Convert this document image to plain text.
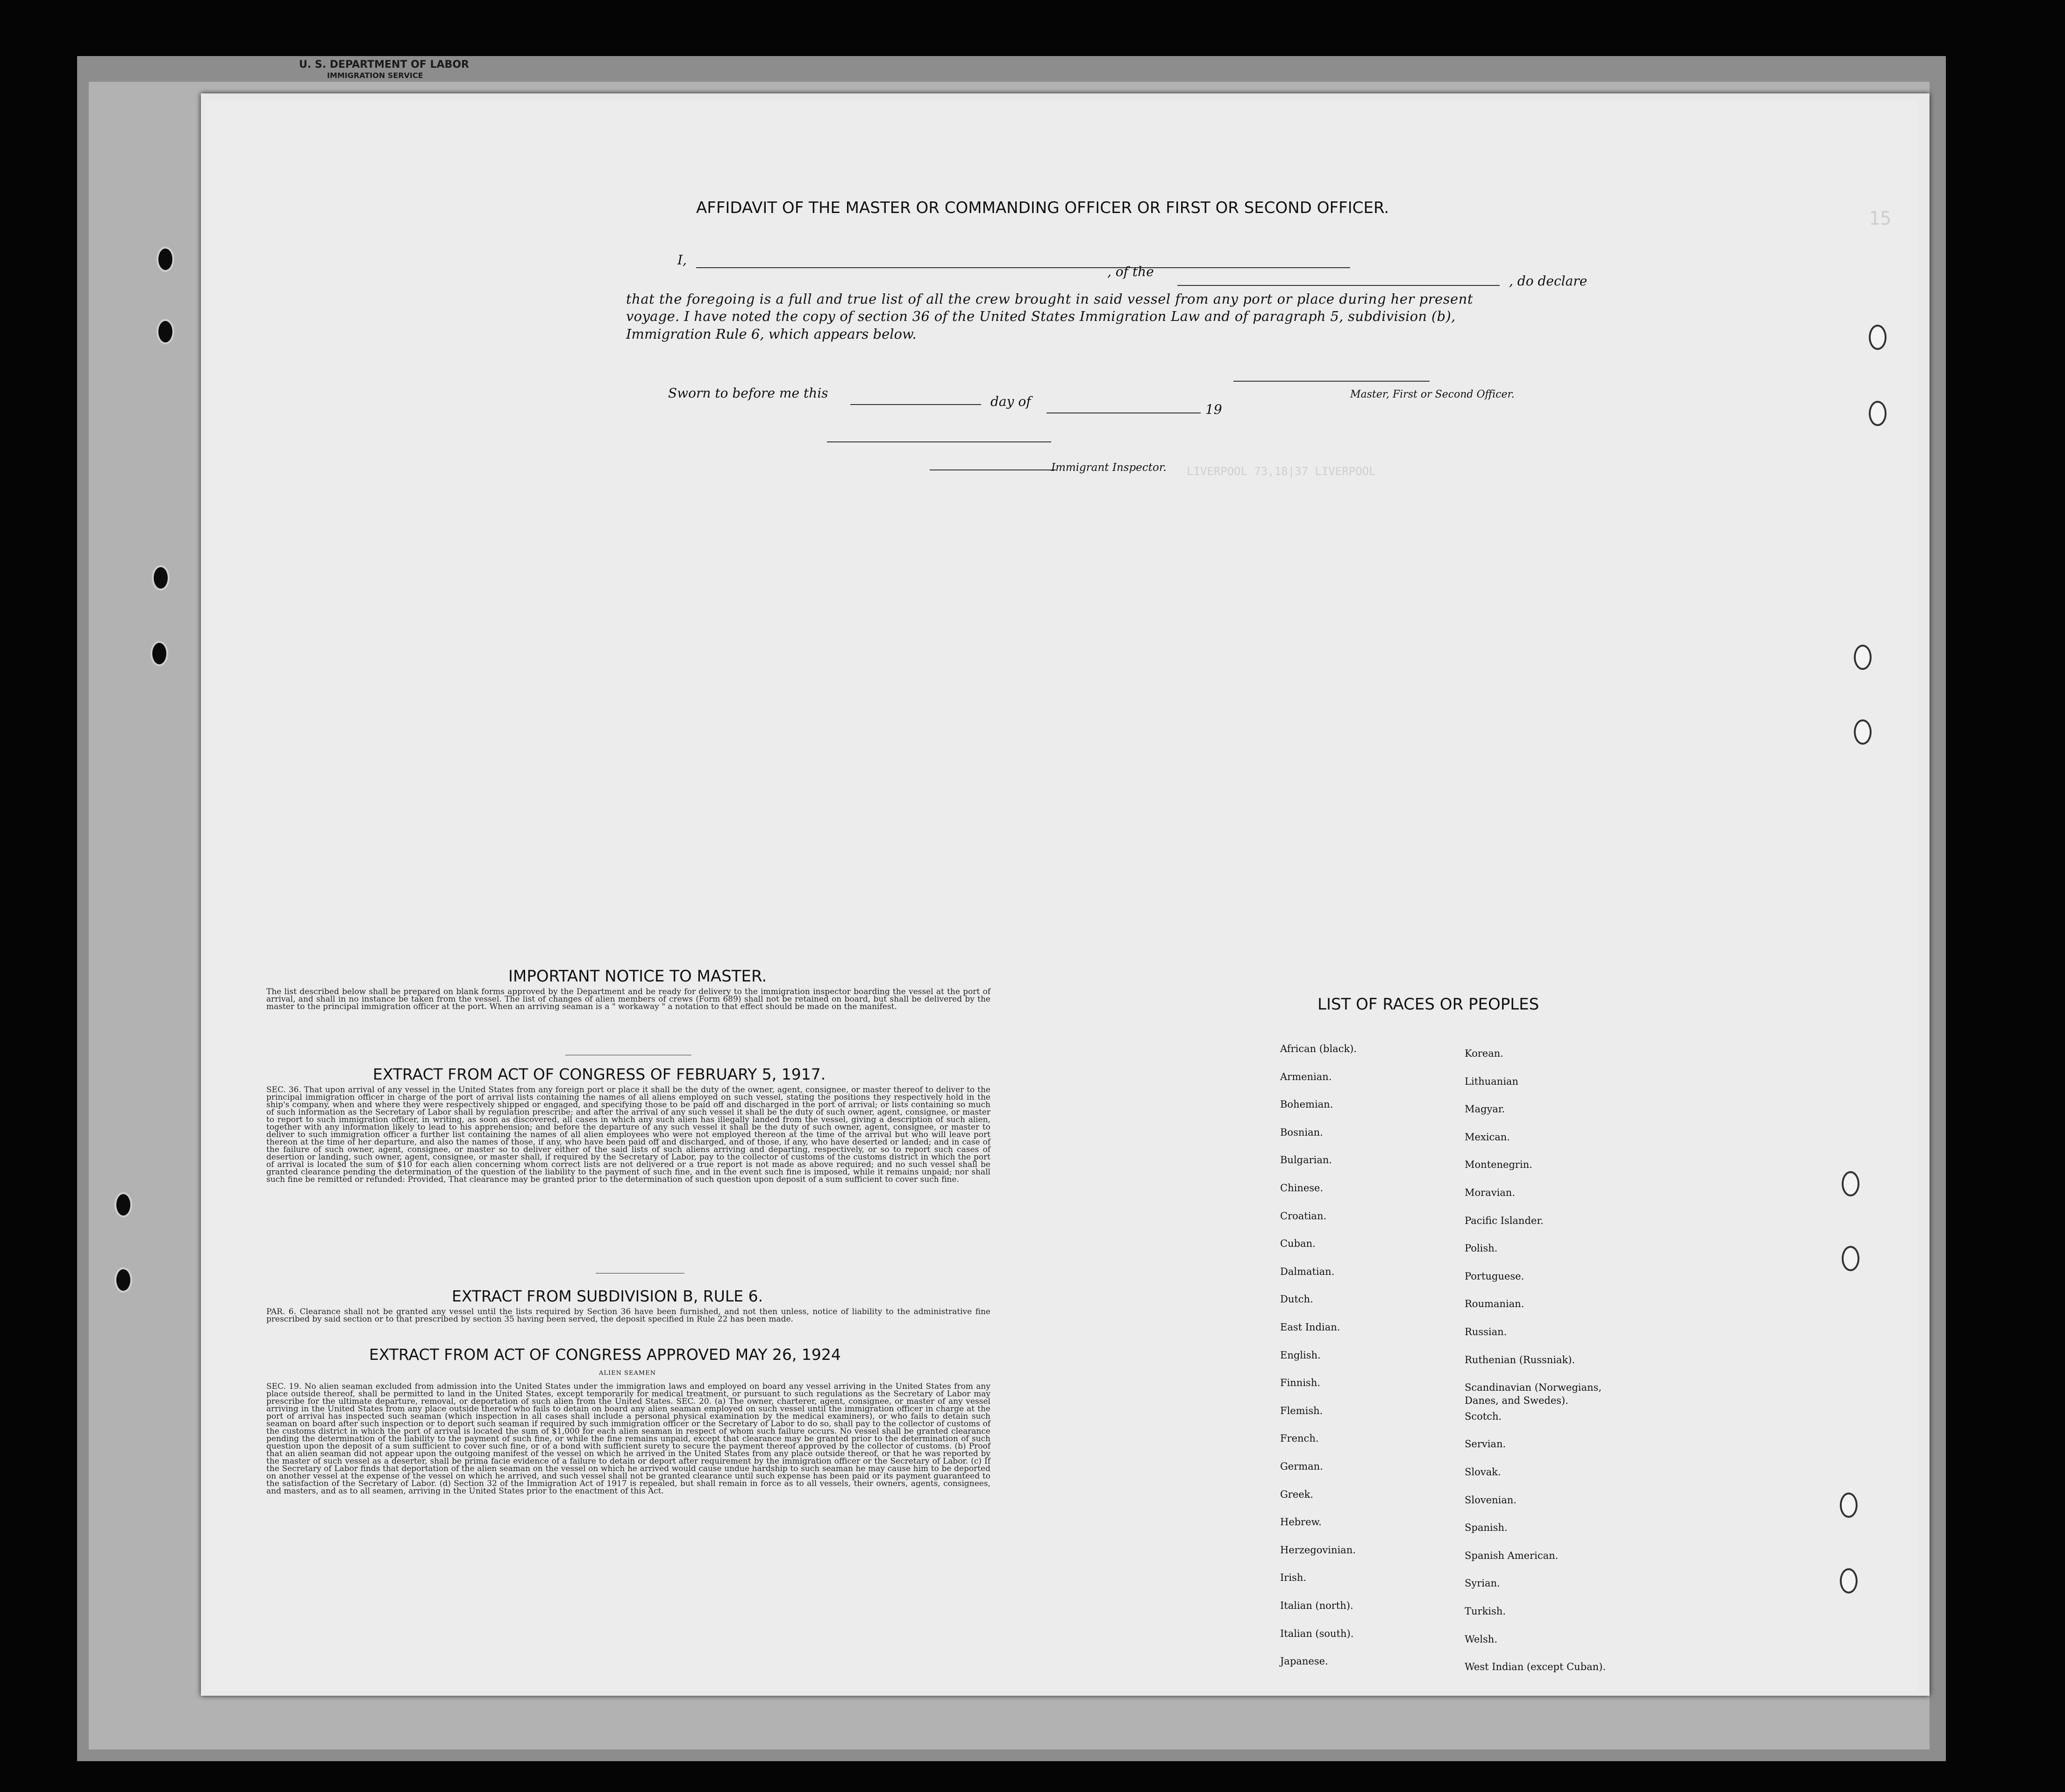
U. S. DEPARTMENT OF LABOR
IMMIGRATION SERVICE
LIVERPOOL 73,18|37 LIVERPOOL
15
AFFIDAVIT OF THE MASTER OR COMMANDING OFFICER OR FIRST OR SECOND OFFICER.
I,
, of the
, do declare
that the foregoing is a full and true list of all the crew brought in said vessel from any port or place during her present
voyage. I have noted the copy of section 36 of the United States Immigration Law and of paragraph 5, subdivision (b),
Immigration Rule 6, which appears below.
Sworn to before me this
day of
19
Master, First or Second Officer.
Immigrant Inspector.
IMPORTANT NOTICE TO MASTER.
The list described below shall be prepared on blank forms approved by the Department and be ready for delivery to the immigration inspector boarding the vessel at the port of arrival, and shall in no instance be taken from the vessel. The list of changes of alien members of crews (Form 689) shall not be retained on board, but shall be delivered by the master to the principal immigration officer at the port. When an arriving seaman is a " workaway " a notation to that effect should be made on the manifest.
EXTRACT FROM ACT OF CONGRESS OF FEBRUARY 5, 1917.
SEC. 36. That upon arrival of any vessel in the United States from any foreign port or place it shall be the duty of the owner, agent, consignee, or master thereof to deliver to the principal immigration officer in charge of the port of arrival lists containing the names of all aliens employed on such vessel, stating the positions they respectively hold in the ship's company, when and where they were respectively shipped or engaged, and specifying those to be paid off and discharged in the port of arrival; or lists containing so much of such information as the Secretary of Labor shall by regulation prescribe; and after the arrival of any such vessel it shall be the duty of such owner, agent, consignee, or master to report to such immigration officer, in writing, as soon as discovered, all cases in which any such alien has illegally landed from the vessel, giving a description of such alien, together with any information likely to lead to his apprehension; and before the departure of any such vessel it shall be the duty of such owner, agent, consignee, or master to deliver to such immigration officer a further list containing the names of all alien employees who were not employed thereon at the time of the arrival but who will leave port thereon at the time of her departure, and also the names of those, if any, who have been paid off and discharged, and of those, if any, who have deserted or landed; and in case of the failure of such owner, agent, consignee, or master so to deliver either of the said lists of such aliens arriving and departing, respectively, or so to report such cases of desertion or landing, such owner, agent, consignee, or master shall, if required by the Secretary of Labor, pay to the collector of customs of the customs district in which the port of arrival is located the sum of $10 for each alien concerning whom correct lists are not delivered or a true report is not made as above required; and no such vessel shall be granted clearance pending the determination of the question of the liability to the payment of such fine, and in the event such fine is imposed, while it remains unpaid; nor shall such fine be remitted or refunded: Provided, That clearance may be granted prior to the determination of such question upon deposit of a sum sufficient to cover such fine.
EXTRACT FROM SUBDIVISION B, RULE 6.
PAR. 6. Clearance shall not be granted any vessel until the lists required by Section 36 have been furnished, and not then unless, notice of liability to the administrative fine prescribed by said section or to that prescribed by section 35 having been served, the deposit specified in Rule 22 has been made.
EXTRACT FROM ACT OF CONGRESS APPROVED MAY 26, 1924
ALIEN SEAMEN
SEC. 19. No alien seaman excluded from admission into the United States under the immigration laws and employed on board any vessel arriving in the United States from any place outside thereof, shall be permitted to land in the United States, except temporarily for medical treatment, or pursuant to such regulations as the Secretary of Labor may prescribe for the ultimate departure, removal, or deportation of such alien from the United States. SEC. 20. (a) The owner, charterer, agent, consignee, or master of any vessel arriving in the United States from any place outside thereof who fails to detain on board any alien seaman employed on such vessel until the immigration officer in charge at the port of arrival has inspected such seaman (which inspection in all cases shall include a personal physical examination by the medical examiners), or who fails to detain such seaman on board after such inspection or to deport such seaman if required by such immigration officer or the Secretary of Labor to do so, shall pay to the collector of customs of the customs district in which the port of arrival is located the sum of $1,000 for each alien seaman in respect of whom such failure occurs. No vessel shall be granted clearance pending the determination of the liability to the payment of such fine, or while the fine remains unpaid, except that clearance may be granted prior to the determination of such question upon the deposit of a sum sufficient to cover such fine, or of a bond with sufficient surety to secure the payment thereof approved by the collector of customs. (b) Proof that an alien seaman did not appear upon the outgoing manifest of the vessel on which he arrived in the United States from any place outside thereof, or that he was reported by the master of such vessel as a deserter, shall be prima facie evidence of a failure to detain or deport after requirement by the immigration officer or the Secretary of Labor. (c) If the Secretary of Labor finds that deportation of the alien seaman on the vessel on which he arrived would cause undue hardship to such seaman he may cause him to be deported on another vessel at the expense of the vessel on which he arrived, and such vessel shall not be granted clearance until such expense has been paid or its payment guaranteed to the satisfaction of the Secretary of Labor. (d) Section 32 of the Immigration Act of 1917 is repealed, but shall remain in force as to all vessels, their owners, agents, consignees, and masters, and as to all seamen, arriving in the United States prior to the enactment of this Act.
LIST OF RACES OR PEOPLES
African (black).
Armenian.
Bohemian.
Bosnian.
Bulgarian.
Chinese.
Croatian.
Cuban.
Dalmatian.
Dutch.
East Indian.
English.
Finnish.
Flemish.
French.
German.
Greek.
Hebrew.
Herzegovinian.
Irish.
Italian (north).
Italian (south).
Japanese.
Korean.
Lithuanian
Magyar.
Mexican.
Montenegrin.
Moravian.
Pacific Islander.
Polish.
Portuguese.
Roumanian.
Russian.
Ruthenian (Russniak).
Scandinavian (Norwegians,
Danes, and Swedes).
Scotch.
Servian.
Slovak.
Slovenian.
Spanish.
Spanish American.
Syrian.
Turkish.
Welsh.
West Indian (except Cuban).
